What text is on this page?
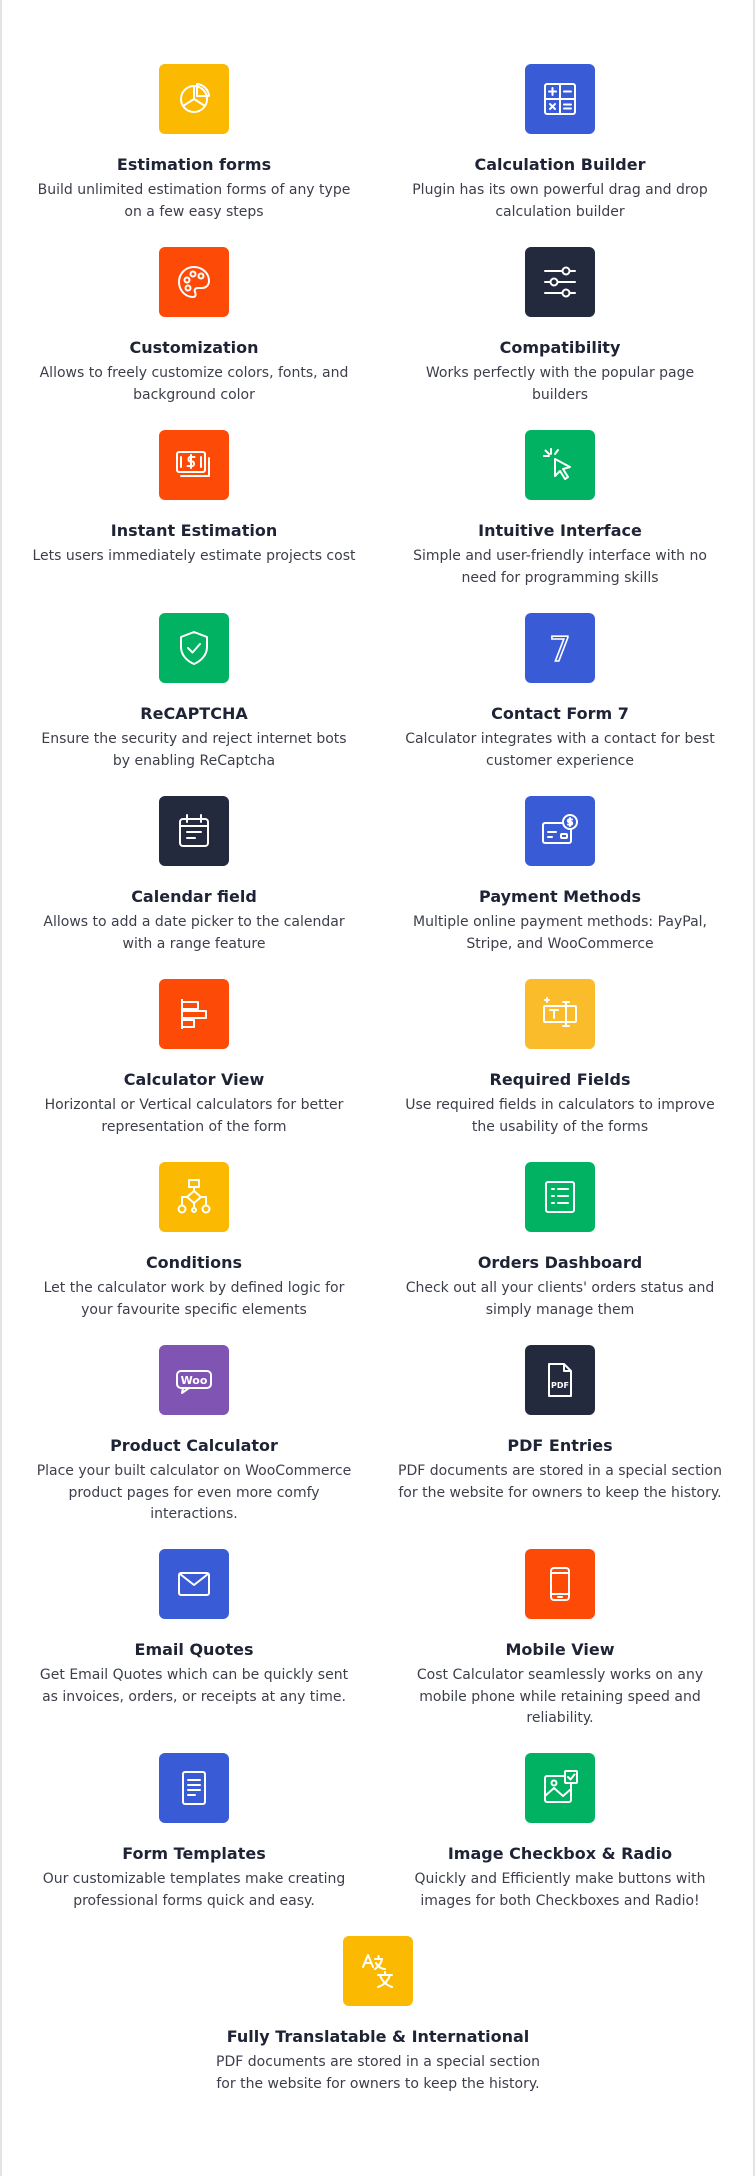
Estimation forms

Build unlimited estimation forms of any type on a few easy steps

Calculation Builder

Plugin has its own powerful drag and drop calculation builder

Customization

Allows to freely customize colors, fonts, and background color

Compatibility

Works perfectly with the popular page builders

Instant Estimation

Lets users immediately estimate projects cost

Intuitive Interface

Simple and user-friendly interface with no need for programming skills

ReCAPTCHA

Ensure the security and reject internet bots by enabling ReCaptcha

7
Contact Form 7

Calculator integrates with a contact for best customer experience

Calendar field

Allows to add a date picker to the calendar with a range feature

Payment Methods

Multiple online payment methods: PayPal, Stripe, and WooCommerce

Calculator View

Horizontal or Vertical calculators for better representation of the form

Required Fields

Use required fields in calculators to improve the usability of the forms

Conditions

Let the calculator work by defined logic for your favourite specific elements

Orders Dashboard

Check out all your clients' orders status and simply manage them

Woo
Product Calculator

Place your built calculator on WooCommerce product pages for even more comfy interactions.

PDF
PDF Entries

PDF documents are stored in a special section for the website for owners to keep the history.

Email Quotes

Get Email Quotes which can be quickly sent as invoices, orders, or receipts at any time.

Mobile View

Cost Calculator seamlessly works on any mobile phone while retaining speed and reliability.

Form Templates

Our customizable templates make creating professional forms quick and easy.

Image Checkbox & Radio

Quickly and Efficiently make buttons with images for both Checkboxes and Radio!

Fully Translatable & International

PDF documents are stored in a special section for the website for owners to keep the history.
